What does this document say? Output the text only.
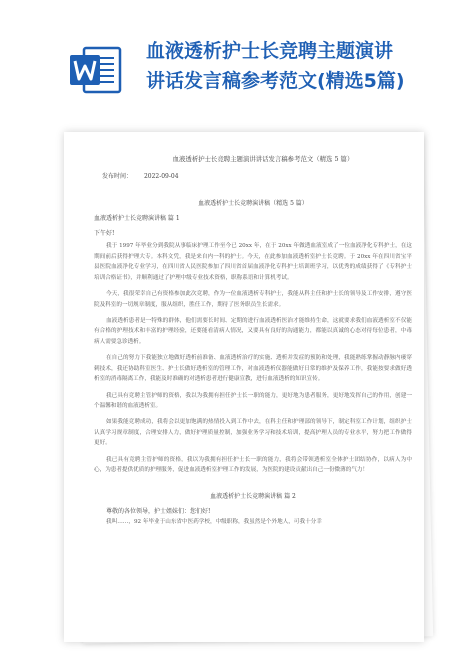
血液透析护士长竞聘主题演讲
讲话发言稿参考范文(精选5篇)
血液透析护士长竞聘主题演讲讲话发言稿参考范文（精选 5 篇）
发布时间： 2022-09-04
血液透析护士长竞聘演讲稿（精选 5 篇）
血液透析护士长竞聘演讲稿 篇 1
下午好!

我于 1997 年毕业分到我院从事临床护理工作至今已 20xx 年，在于 20xx 年做透血液室成了一位血液净化专科护士，在这期间前后获得护理大专。本科文凭，我是来自内一科的护士。今天，在此参加血液透析室护士长竞聘。于 20xx 年在四川省宝平县医院血液净化专业学习，在四川省人民医院参加了四川省首届血液净化专科护士培训班学习，以优秀的成绩获得了《专科护士培训合格证书》，并顺利通过了护理中级专业技术资格，职称系语和计算机考试。

今天，我很荣幸自己有资格参加此次竞聘，作为一位血液透析专科护士，我能从科主任和护士长的领导及工作安排，遵守医院及科室的一切规章制度，服从组织，胜任工作，期待了医务职员生长需求。

血液透析患者是一特殊的群体，他们需要长时间、定期的进行血液透析医治才能维持生命，这就要求我们血液透析室不仅能有合格的护理技术和丰富的护理经验，还要能看清病人情况，又要具有良好的沟通能力，都能以真诚的心态对待每位患者，中毒病人需要急诊透析。

在自己的努力下我能独立地做好透析前准备、血液透析治疗的实施、透析并发症的预防和处理，我能熟练掌握动静脉内瘘穿刺技术，我还协助科室医生、护士长做好透析室的管理工作，对血液透析仪器能做好日常的维护及保养工作，我能按要求做好透析室的消毒隔离工作，我能及时准确的对透析患者进行健康宣教，进行血液透析的知识宣传。

我已具有竞聘主管护师的资格，我以为我拥有担任护士长一职的能力，更好地为患者服务，更好地发挥自己的作用，创建一个温馨和谐的血液透析室。

如果我能竞聘成功，我将会以更加饱满的热情投入到工作中去，在科主任和护理部的领导下，制定科室工作计划，组织护士认真学习规章制度，合理安排人力，做好护理质量控制，加强业务学习和技术培训，提高护理人员的专业水平，努力把工作做得更好。

我已具有竞聘主管护师的资格，我以为我拥有担任护士长一职的能力，我将会带领透析室全体护士团结协作，以病人为中心，为患者提供优质的护理服务，促进血液透析室护理工作的发展，为医院的建设贡献出自己一份微薄的气力！

血液透析护士长竞聘演讲稿 篇 2
尊敬的各位领导，护士姐妹们：您们好!

我叫……，92 年毕业于山东省中医药学校，中级职称，我虽然是个外地人，可我十分幸
